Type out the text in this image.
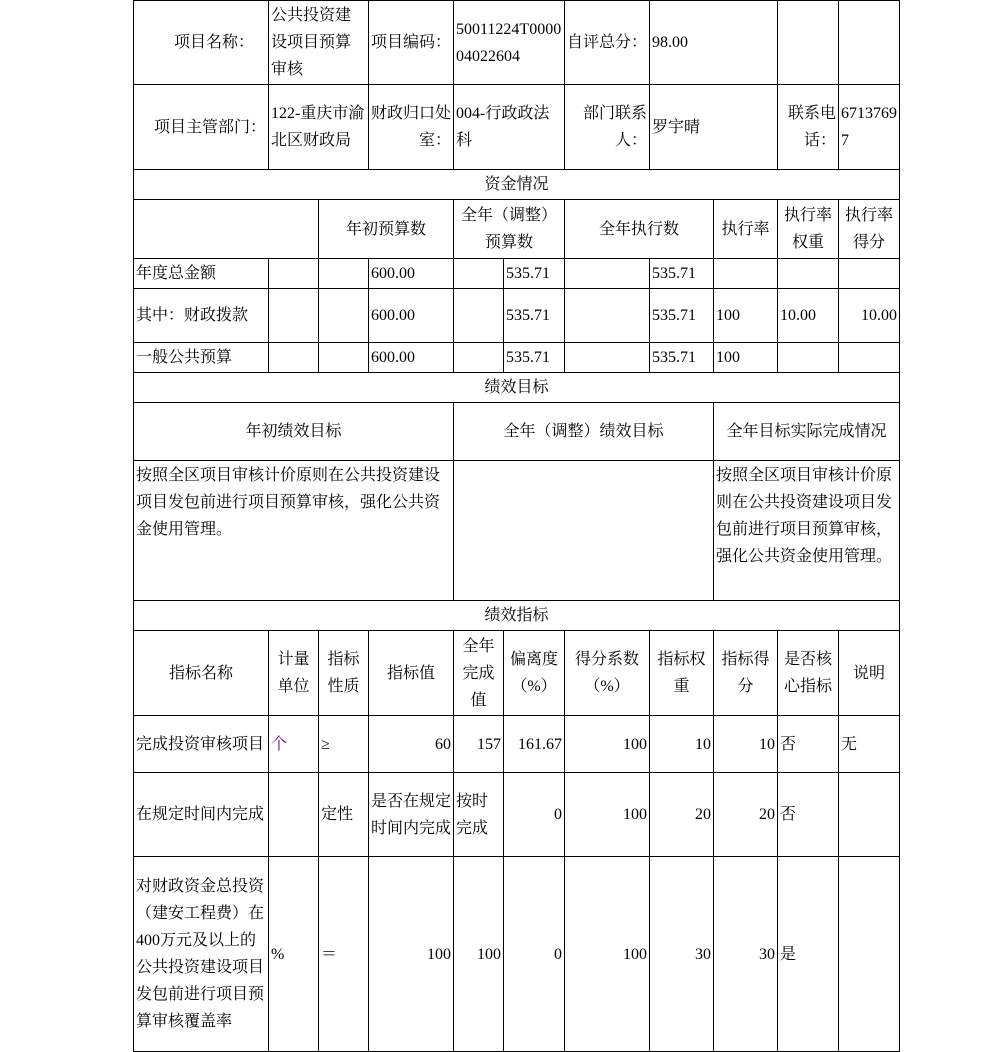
项目名称：	公共投资建设项目预算审核		项目编码：	50011224T000004022604		自评总分：	98.00			
项目主管部门：	122-重庆市渝北区财政局		财政归口处室：	004-行政政法科		部门联系人：	罗宇晴		联系电话：	67137697
资金情况										
		年初预算数		全年（调整）预算数		全年执行数		执行率	执行率权重	执行率得分
年度总金额			600.00		535.71		535.71			
其中：财政拨款			600.00		535.71		535.71	100	10.00	10.00
一般公共预算			600.00		535.71		535.71	100		
绩效目标										
年初绩效目标				全年（调整）绩效目标				全年目标实际完成情况		
按照全区项目审核计价原则在公共投资建设项目发包前进行项目预算审核，强化公共资金使用管理。								按照全区项目审核计价原则在公共投资建设项目发包前进行项目预算审核，强化公共资金使用管理。		
绩效指标										
指标名称	计量单位	指标性质	指标值	全年完成值	偏离度（%）	得分系数（%）	指标权重	指标得分	是否核心指标	说明
完成投资审核项目	个	≥	60	157	161.67	100	10	10	否	无
在规定时间内完成		定性	是否在规定时间内完成	按时完成	0	100	20	20	否	
对财政资金总投资（建安工程费）在400万元及以上的公共投资建设项目发包前进行项目预算审核覆盖率	%	＝	100	100	0	100	30	30	是	
